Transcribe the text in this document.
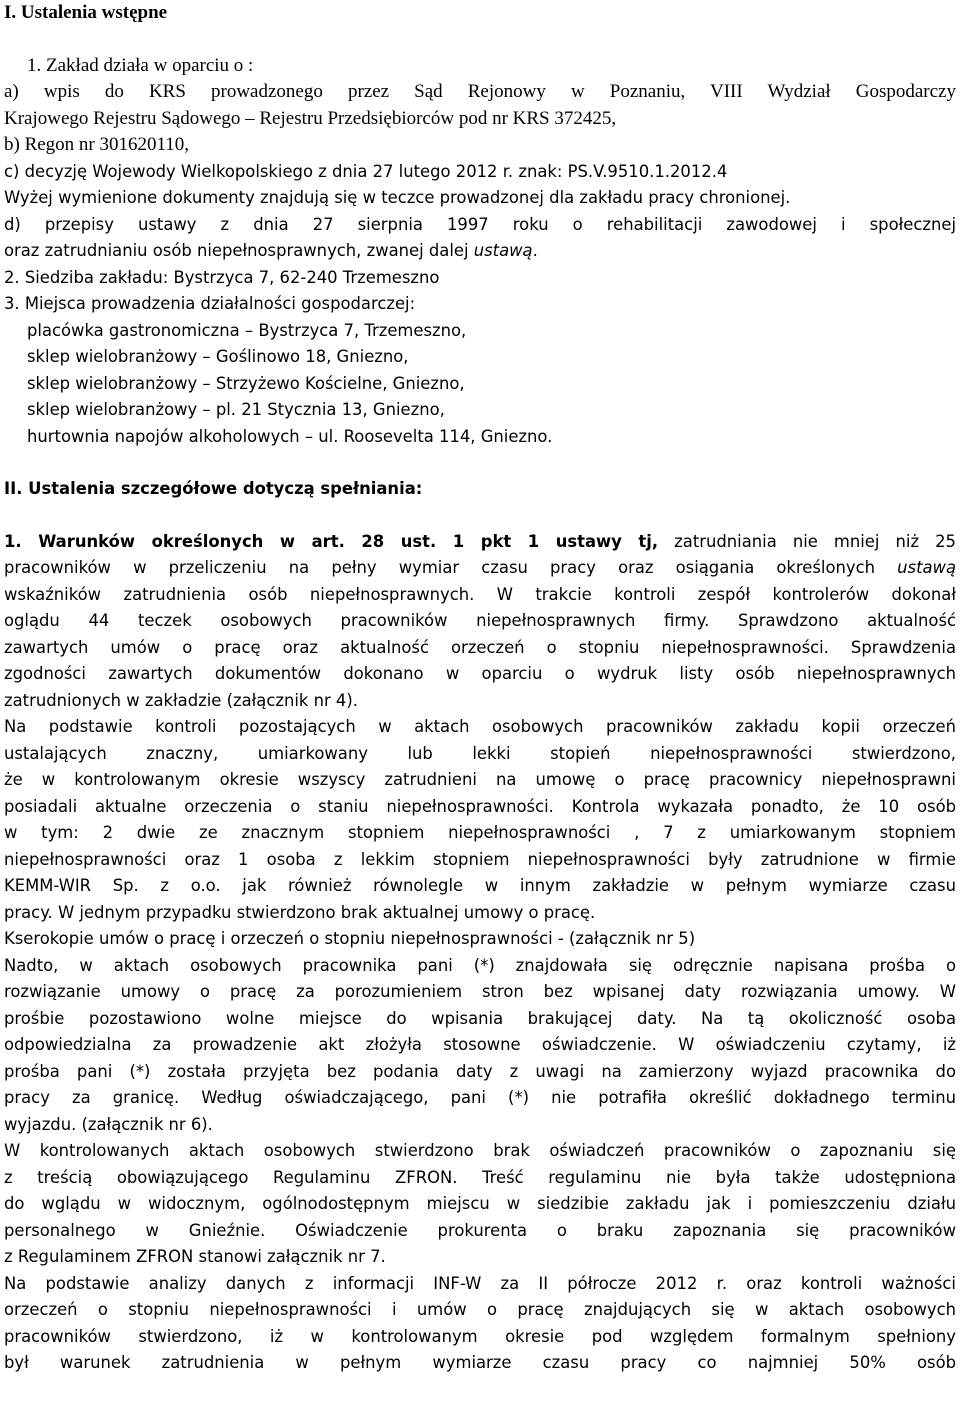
I. Ustalenia wstępne
1. Zakład działa w oparciu o :
a) wpis do KRS prowadzonego przez Sąd Rejonowy w Poznaniu, VIII Wydział Gospodarczy
Krajowego Rejestru Sądowego – Rejestru Przedsiębiorców pod nr KRS 372425,
b) Regon nr 301620110,
c) decyzję Wojewody Wielkopolskiego z dnia 27 lutego 2012 r. znak: PS.V.9510.1.2012.4
Wyżej wymienione dokumenty znajdują się w teczce prowadzonej dla zakładu pracy chronionej.
d) przepisy ustawy z dnia 27 sierpnia 1997 roku o rehabilitacji zawodowej i społecznej
oraz zatrudnianiu osób niepełnosprawnych, zwanej dalej ustawą.
2. Siedziba zakładu: Bystrzyca 7, 62-240 Trzemeszno
3. Miejsca prowadzenia działalności gospodarczej:
placówka gastronomiczna – Bystrzyca 7, Trzemeszno,
sklep wielobranżowy – Goślinowo 18, Gniezno,
sklep wielobranżowy – Strzyżewo Kościelne, Gniezno,
sklep wielobranżowy – pl. 21 Stycznia 13, Gniezno,
hurtownia napojów alkoholowych – ul. Roosevelta 114, Gniezno.
II. Ustalenia szczegółowe dotyczą spełniania:
1. Warunków określonych w art. 28 ust. 1 pkt 1 ustawy tj, zatrudniania nie mniej niż 25
pracowników w przeliczeniu na pełny wymiar czasu pracy oraz osiągania określonych ustawą
wskaźników zatrudnienia osób niepełnosprawnych. W trakcie kontroli zespół kontrolerów dokonał
oglądu 44 teczek osobowych pracowników niepełnosprawnych firmy. Sprawdzono aktualność
zawartych umów o pracę oraz aktualność orzeczeń o stopniu niepełnosprawności. Sprawdzenia
zgodności zawartych dokumentów dokonano w oparciu o wydruk listy osób niepełnosprawnych
zatrudnionych w zakładzie (załącznik nr 4).
Na podstawie kontroli pozostających w aktach osobowych pracowników zakładu kopii orzeczeń
ustalających znaczny, umiarkowany lub lekki stopień niepełnosprawności stwierdzono,
że w kontrolowanym okresie wszyscy zatrudnieni na umowę o pracę pracownicy niepełnosprawni
posiadali aktualne orzeczenia o staniu niepełnosprawności. Kontrola wykazała ponadto, że 10 osób
w tym: 2 dwie ze znacznym stopniem niepełnosprawności , 7 z umiarkowanym stopniem
niepełnosprawności oraz 1 osoba z lekkim stopniem niepełnosprawności były zatrudnione w firmie
KEMM-WIR Sp. z o.o. jak również równolegle w innym zakładzie w pełnym wymiarze czasu
pracy. W jednym przypadku stwierdzono brak aktualnej umowy o pracę.
Kserokopie umów o pracę i orzeczeń o stopniu niepełnosprawności - (załącznik nr 5)
Nadto, w aktach osobowych pracownika pani (*) znajdowała się odręcznie napisana prośba o
rozwiązanie umowy o pracę za porozumieniem stron bez wpisanej daty rozwiązania umowy. W
prośbie pozostawiono wolne miejsce do wpisania brakującej daty. Na tą okoliczność osoba
odpowiedzialna za prowadzenie akt złożyła stosowne oświadczenie. W oświadczeniu czytamy, iż
prośba pani (*) została przyjęta bez podania daty z uwagi na zamierzony wyjazd pracownika do
pracy za granicę. Według oświadczającego, pani (*) nie potrafiła określić dokładnego terminu
wyjazdu. (załącznik nr 6).
W kontrolowanych aktach osobowych stwierdzono brak oświadczeń pracowników o zapoznaniu się
z treścią obowiązującego Regulaminu ZFRON. Treść regulaminu nie była także udostępniona
do wglądu w widocznym, ogólnodostępnym miejscu w siedzibie zakładu jak i pomieszczeniu działu
personalnego w Gnieźnie. Oświadczenie prokurenta o braku zapoznania się pracowników
z Regulaminem ZFRON stanowi załącznik nr 7.
Na podstawie analizy danych z informacji INF-W za II półrocze 2012 r. oraz kontroli ważności
orzeczeń o stopniu niepełnosprawności i umów o pracę znajdujących się w aktach osobowych
pracowników stwierdzono, iż w kontrolowanym okresie pod względem formalnym spełniony
był warunek zatrudnienia w pełnym wymiarze czasu pracy co najmniej 50% osób
